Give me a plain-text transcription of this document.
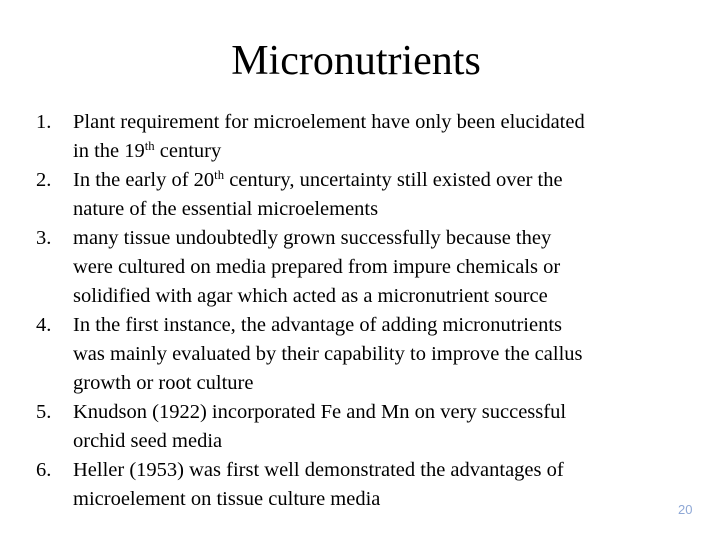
Micronutrients
1. Plant requirement for microelement have only been elucidated
in the 19th century
2. In the early of 20th century, uncertainty still existed over the
nature of the essential microelements
3. many tissue undoubtedly grown successfully because they
were cultured on media prepared from impure chemicals or
solidified with agar which acted as a micronutrient source
4. In the first instance, the advantage of adding micronutrients
was mainly evaluated by their capability to improve the callus
growth or root culture
5. Knudson (1922) incorporated Fe and Mn on very successful
orchid seed media
6. Heller (1953) was first well demonstrated the advantages of
microelement on tissue culture media	20
